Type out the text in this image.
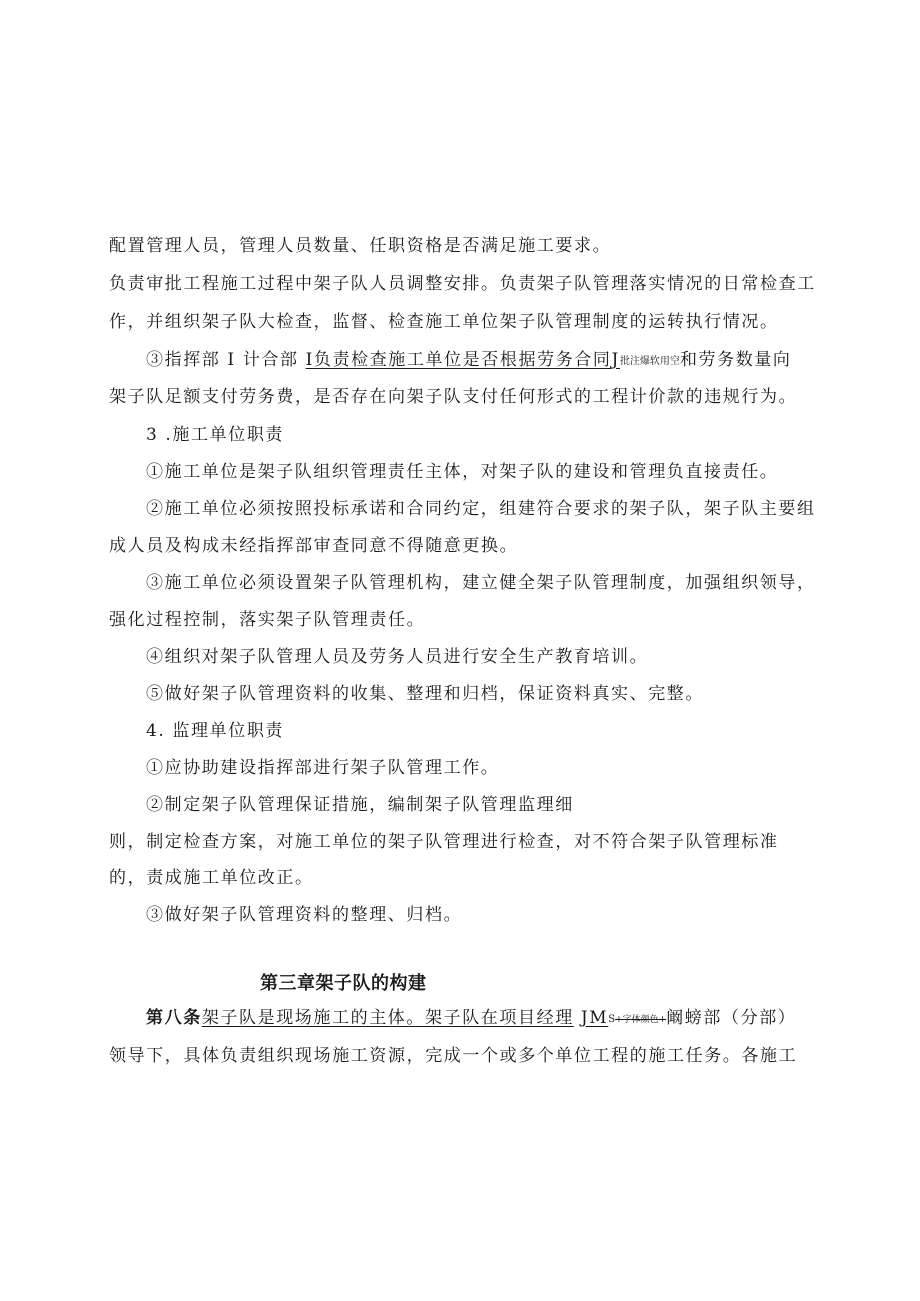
配置管理人员，管理人员数量、任职资格是否满足施工要求。
负责审批工程施工过程中架子队人员调整安排。负责架子队管理落实情况的日常检查工
作，并组织架子队大检查，监督、检查施工单位架子队管理制度的运转执行情况。
③指挥部 I 计合部 I负责检查施工单位是否根据劳务合同J批注爆软用空和劳务数量向
架子队足额支付劳务费，是否存在向架子队支付任何形式的工程计价款的违规行为。
3 .施工单位职责
①施工单位是架子队组织管理责任主体，对架子队的建设和管理负直接责任。
②施工单位必须按照投标承诺和合同约定，组建符合要求的架子队，架子队主要组
成人员及构成未经指挥部审查同意不得随意更换。
③施工单位必须设置架子队管理机构，建立健全架子队管理制度，加强组织领导，
强化过程控制，落实架子队管理责任。
④组织对架子队管理人员及劳务人员进行安全生产教育培训。
⑤做好架子队管理资料的收集、整理和归档，保证资料真实、完整。
4. 监理单位职责
①应协助建设指挥部进行架子队管理工作。
②制定架子队管理保证措施，编制架子队管理监理细
则，制定检查方案，对施工单位的架子队管理进行检查，对不符合架子队管理标准
的，责成施工单位改正。
③做好架子队管理资料的整理、归档。
第三章架子队的构建
第八条架子队是现场施工的主体。架子队在项目经理 JMS+字体颜色+阚螃部（分部）
领导下，具体负责组织现场施工资源，完成一个或多个单位工程的施工任务。各施工
